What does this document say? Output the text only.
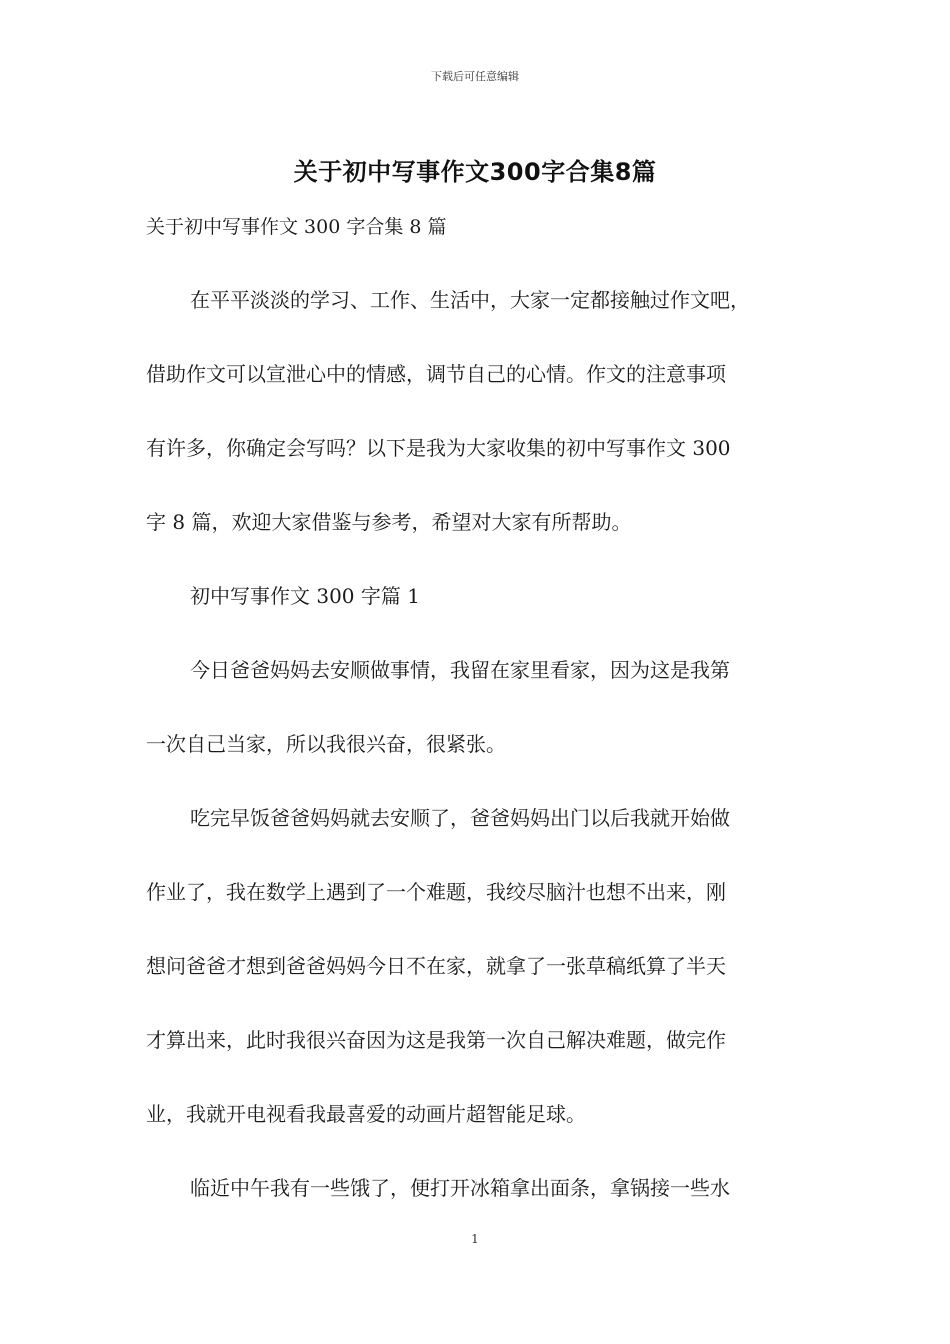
下载后可任意编辑
关于初中写事作文300字合集8篇
关于初中写事作文 300 字合集 8 篇
在平平淡淡的学习、工作、生活中，大家一定都接触过作文吧，
借助作文可以宣泄心中的情感，调节自己的心情。作文的注意事项
有许多，你确定会写吗？以下是我为大家收集的初中写事作文 300
字 8 篇，欢迎大家借鉴与参考，希望对大家有所帮助。
初中写事作文 300 字篇 1
今日爸爸妈妈去安顺做事情，我留在家里看家，因为这是我第
一次自己当家，所以我很兴奋，很紧张。
吃完早饭爸爸妈妈就去安顺了，爸爸妈妈出门以后我就开始做
作业了，我在数学上遇到了一个难题，我绞尽脑汁也想不出来，刚
想问爸爸才想到爸爸妈妈今日不在家，就拿了一张草稿纸算了半天
才算出来，此时我很兴奋因为这是我第一次自己解决难题，做完作
业，我就开电视看我最喜爱的动画片超智能足球。
临近中午我有一些饿了，便打开冰箱拿出面条，拿锅接一些水
1
